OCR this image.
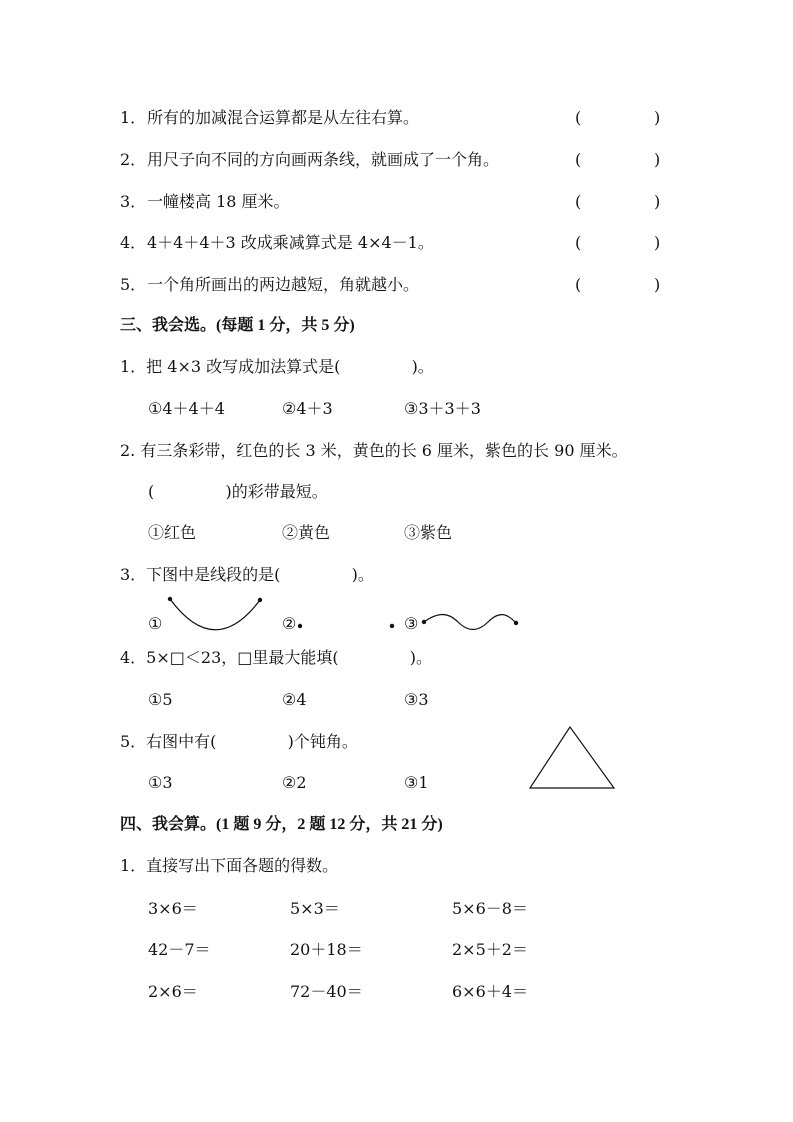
1． 所有的加减混合运算都是从左往右算。	(	)
2． 用尺子向不同的方向画两条线，就画成了一个角。	(	)
3． 一幢楼高 18 厘米。	(	)
4． 4＋4＋4＋3 改成乘减算式是 4×4－1。	(	)
5． 一个角所画出的两边越短，角就越小。	(	)
三、我会选。(每题 1 分，共 5 分)
1．把 4×3 改写成加法算式是(              )。
①4＋4＋4	②4＋3	③3＋3＋3
2. 有三条彩带，红色的长 3 米，黄色的长 6 厘米，紫色的长 90 厘米。
(              )的彩带最短。
①红色	②黄色	③紫色
3．下图中是线段的是(              )。
①	②	③
4．5×□＜23，□里最大能填(              )。
①5	②4	③3
5．右图中有(              )个钝角。
①3	②2	③1
四、我会算。(1 题 9 分，2 题 12 分，共 21 分)
1．直接写出下面各题的得数。
3×6＝	5×3＝	5×6－8＝
42－7＝	20＋18＝	2×5＋2＝
2×6＝	72－40＝	6×6＋4＝
